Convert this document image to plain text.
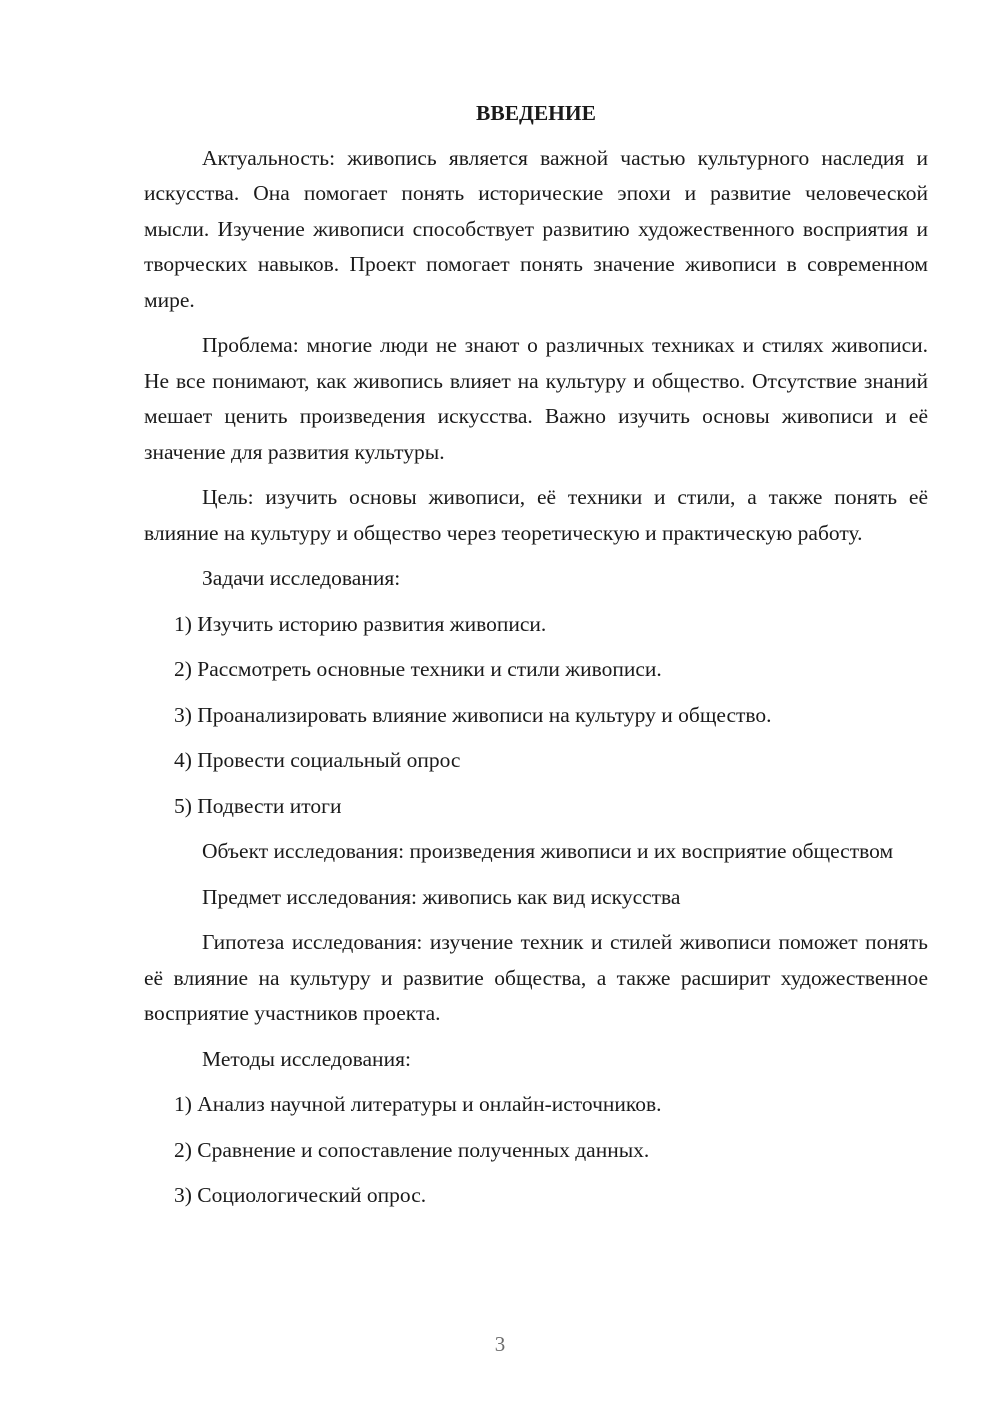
ВВЕДЕНИЕ

Актуальность: живопись является важной частью культурного наследия и искусства. Она помогает понять исторические эпохи и развитие человеческой мысли. Изучение живописи способствует развитию художественного восприятия и творческих навыков. Проект помогает понять значение живописи в современном мире.

Проблема: многие люди не знают о различных техниках и стилях живописи. Не все понимают, как живопись влияет на культуру и общество. Отсутствие знаний мешает ценить произведения искусства. Важно изучить основы живописи и её значение для развития культуры.

Цель: изучить основы живописи, её техники и стили, а также понять её влияние на культуру и общество через теоретическую и практическую работу.

Задачи исследования:

1) Изучить историю развития живописи.

2) Рассмотреть основные техники и стили живописи.

3) Проанализировать влияние живописи на культуру и общество.

4) Провести социальный опрос

5) Подвести итоги

Объект исследования: произведения живописи и их восприятие обществом

Предмет исследования: живопись как вид искусства

Гипотеза исследования: изучение техник и стилей живописи поможет понять её влияние на культуру и развитие общества, а также расширит художественное восприятие участников проекта.

Методы исследования:

1) Анализ научной литературы и онлайн-источников.

2) Сравнение и сопоставление полученных данных.

3) Социологический опрос.

3
